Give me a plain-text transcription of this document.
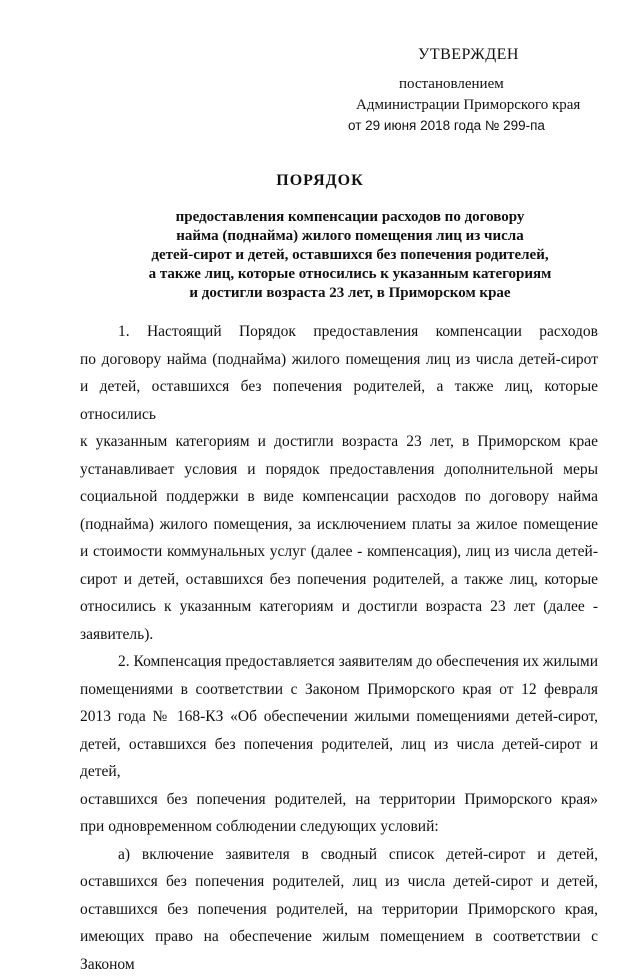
УТВЕРЖДЕН
постановлением
Администрации Приморского края
от 29 июня 2018 года № 299-па
ПОРЯДОК
предоставления компенсации расходов по договору
найма (поднайма) жилого помещения лиц из числа
детей-сирот и детей, оставшихся без попечения родителей,
а также лиц, которые относились к указанным категориям
и достигли возраста 23 лет, в Приморском крае

1. Настоящий Порядок предоставления компенсации расходов

по договору найма (поднайма) жилого помещения лиц из числа детей-сирот

и детей, оставшихся без попечения родителей, а также лиц, которые относились

к указанным категориям и достигли возраста 23 лет, в Приморском крае

устанавливает условия и порядок предоставления дополнительной меры

социальной поддержки в виде компенсации расходов по договору найма

(поднайма) жилого помещения, за исключением платы за жилое помещение

и стоимости коммунальных услуг (далее - компенсация), лиц из числа детей-

сирот и детей, оставшихся без попечения родителей, а также лиц, которые

относились к указанным категориям и достигли возраста 23 лет (далее -

заявитель).

2. Компенсация предоставляется заявителям до обеспечения их жилыми

помещениями в соответствии с Законом Приморского края от 12 февраля

2013 года № 168-КЗ «Об обеспечении жилыми помещениями детей-сирот,

детей, оставшихся без попечения родителей, лиц из числа детей-сирот и детей,

оставшихся без попечения родителей, на территории Приморского края»

при одновременном соблюдении следующих условий:

а) включение заявителя в сводный список детей-сирот и детей,

оставшихся без попечения родителей, лиц из числа детей-сирот и детей,

оставшихся без попечения родителей, на территории Приморского края,

имеющих право на обеспечение жилым помещением в соответствии с Законом
